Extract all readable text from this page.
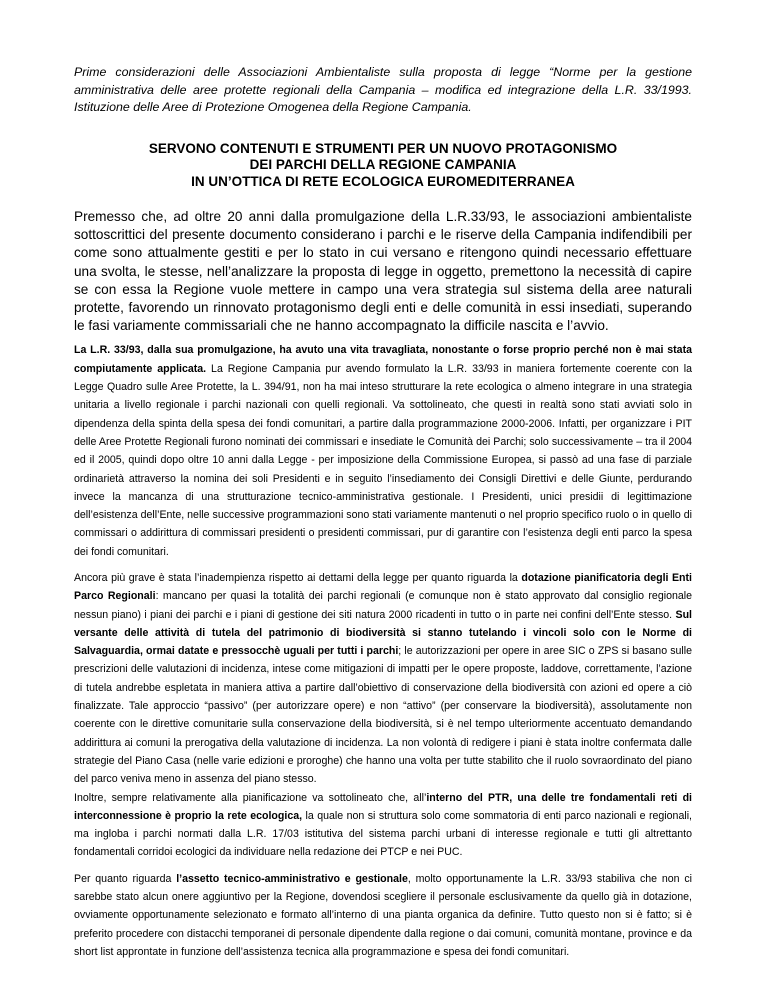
Prime considerazioni delle Associazioni Ambientaliste sulla proposta di legge “Norme per la gestione amministrativa delle aree protette regionali della Campania – modifica ed integrazione della L.R. 33/1993. Istituzione delle Aree di Protezione Omogenea della Regione Campania.

SERVONO CONTENUTI E STRUMENTI PER UN NUOVO PROTAGONISMO
DEI PARCHI DELLA REGIONE CAMPANIA
IN UN’OTTICA DI RETE ECOLOGICA EUROMEDITERRANEA

Premesso che, ad oltre 20 anni dalla promulgazione della L.R.33/93, le associazioni ambientaliste sottoscrittici del presente documento considerano i parchi e le riserve della Campania indifendibili per come sono attualmente gestiti e per lo stato in cui versano e ritengono quindi necessario effettuare una svolta, le stesse, nell’analizzare la proposta di legge in oggetto, premettono la necessità di capire se con essa la Regione vuole mettere in campo una vera strategia sul sistema della aree naturali protette, favorendo un rinnovato protagonismo degli enti e delle comunità in essi insediati, superando le fasi variamente commissariali che ne hanno accompagnato la difficile nascita e l’avvio.

La L.R. 33/93, dalla sua promulgazione, ha avuto una vita travagliata, nonostante o forse proprio perché non è mai stata compiutamente applicata. La Regione Campania pur avendo formulato la L.R. 33/93 in maniera fortemente coerente con la Legge Quadro sulle Aree Protette, la L. 394/91, non ha mai inteso strutturare la rete ecologica o almeno integrare in una strategia unitaria a livello regionale i parchi nazionali con quelli regionali. Va sottolineato, che questi in realtà sono stati avviati solo in dipendenza della spinta della spesa dei fondi comunitari, a partire dalla programmazione 2000-2006. Infatti, per organizzare i PIT delle Aree Protette Regionali furono nominati dei commissari e insediate le Comunità dei Parchi; solo successivamente – tra il 2004 ed il 2005, quindi dopo oltre 10 anni dalla Legge - per imposizione della Commissione Europea, si passò ad una fase di parziale ordinarietà attraverso la nomina dei soli Presidenti e in seguito l’insediamento dei Consigli Direttivi e delle Giunte, perdurando invece la mancanza di una strutturazione tecnico-amministrativa gestionale. I Presidenti, unici presidii di legittimazione dell’esistenza dell’Ente, nelle successive programmazioni sono stati variamente mantenuti o nel proprio specifico ruolo o in quello di commissari o addirittura di commissari presidenti o presidenti commissari, pur di garantire con l’esistenza degli enti parco la spesa dei fondi comunitari.

Ancora più grave è stata l’inadempienza rispetto ai dettami della legge per quanto riguarda la dotazione pianificatoria degli Enti Parco Regionali: mancano per quasi la totalità dei parchi regionali (e comunque non è stato approvato dal consiglio regionale nessun piano) i piani dei parchi e i piani di gestione dei siti natura 2000 ricadenti in tutto o in parte nei confini dell’Ente stesso. Sul versante delle attività di tutela del patrimonio di biodiversità si stanno tutelando i vincoli solo con le Norme di Salvaguardia, ormai datate e pressocchè uguali per tutti i parchi; le autorizzazioni per opere in aree SIC o ZPS si basano sulle prescrizioni delle valutazioni di incidenza, intese come mitigazioni di impatti per le opere proposte, laddove, correttamente, l’azione di tutela andrebbe espletata in maniera attiva a partire dall’obiettivo di conservazione della biodiversità con azioni ed opere a ciò finalizzate. Tale approccio “passivo” (per autorizzare opere) e non “attivo” (per conservare la biodiversità), assolutamente non coerente con le direttive comunitarie sulla conservazione della biodiversità, si è nel tempo ulteriormente accentuato demandando addirittura ai comuni la prerogativa della valutazione di incidenza. La non volontà di redigere i piani è stata inoltre confermata dalle strategie del Piano Casa (nelle varie edizioni e proroghe) che hanno una volta per tutte stabilito che il ruolo sovraordinato del piano del parco veniva meno in assenza del piano stesso.

Inoltre, sempre relativamente alla pianificazione va sottolineato che, all’interno del PTR, una delle tre fondamentali reti di interconnessione è proprio la rete ecologica, la quale non si struttura solo come sommatoria di enti parco nazionali e regionali, ma ingloba i parchi normati dalla L.R. 17/03 istitutiva del sistema parchi urbani di interesse regionale e tutti gli altrettanto fondamentali corridoi ecologici da individuare nella redazione dei PTCP e nei PUC.

Per quanto riguarda l’assetto tecnico-amministrativo e gestionale, molto opportunamente la L.R. 33/93 stabiliva che non ci sarebbe stato alcun onere aggiuntivo per la Regione, dovendosi scegliere il personale esclusivamente da quello già in dotazione, ovviamente opportunamente selezionato e formato all’interno di una pianta organica da definire. Tutto questo non si è fatto; si è preferito procedere con distacchi temporanei di personale dipendente dalla regione o dai comuni, comunità montane, province e da short list approntate in funzione dell’assistenza tecnica alla programmazione e spesa dei fondi comunitari.
